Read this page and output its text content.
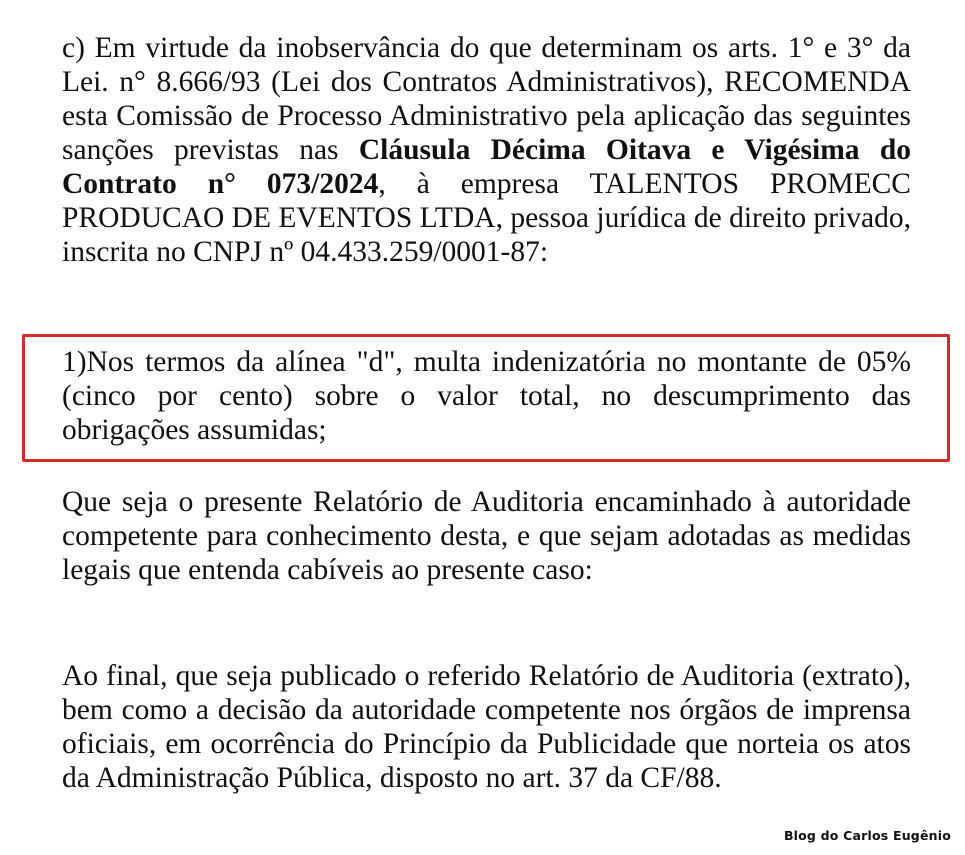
c) Em virtude da inobservância do que determinam os arts. 1° e 3° da Lei. n° 8.666/93 (Lei dos Contratos Administrativos), RECOMENDA esta Comissão de Processo Administrativo pela aplicação das seguintes sanções previstas nas Cláusula Décima Oitava e Vigésima do Contrato n° 073/2024, à empresa TALENTOS PROMECC PRODUCAO DE EVENTOS LTDA, pessoa jurídica de direito privado, inscrita no CNPJ nº 04.433.259/0001-87:

1)Nos termos da alínea "d", multa indenizatória no montante de 05% (cinco por cento) sobre o valor total, no descumprimento das obrigações assumidas;

Que seja o presente Relatório de Auditoria encaminhado à autoridade competente para conhecimento desta, e que sejam adotadas as medidas legais que entenda cabíveis ao presente caso:

Ao final, que seja publicado o referido Relatório de Auditoria (extrato), bem como a decisão da autoridade competente nos órgãos de imprensa oficiais, em ocorrência do Princípio da Publicidade que norteia os atos da Administração Pública, disposto no art. 37 da CF/88.

Blog do Carlos Eugênio
